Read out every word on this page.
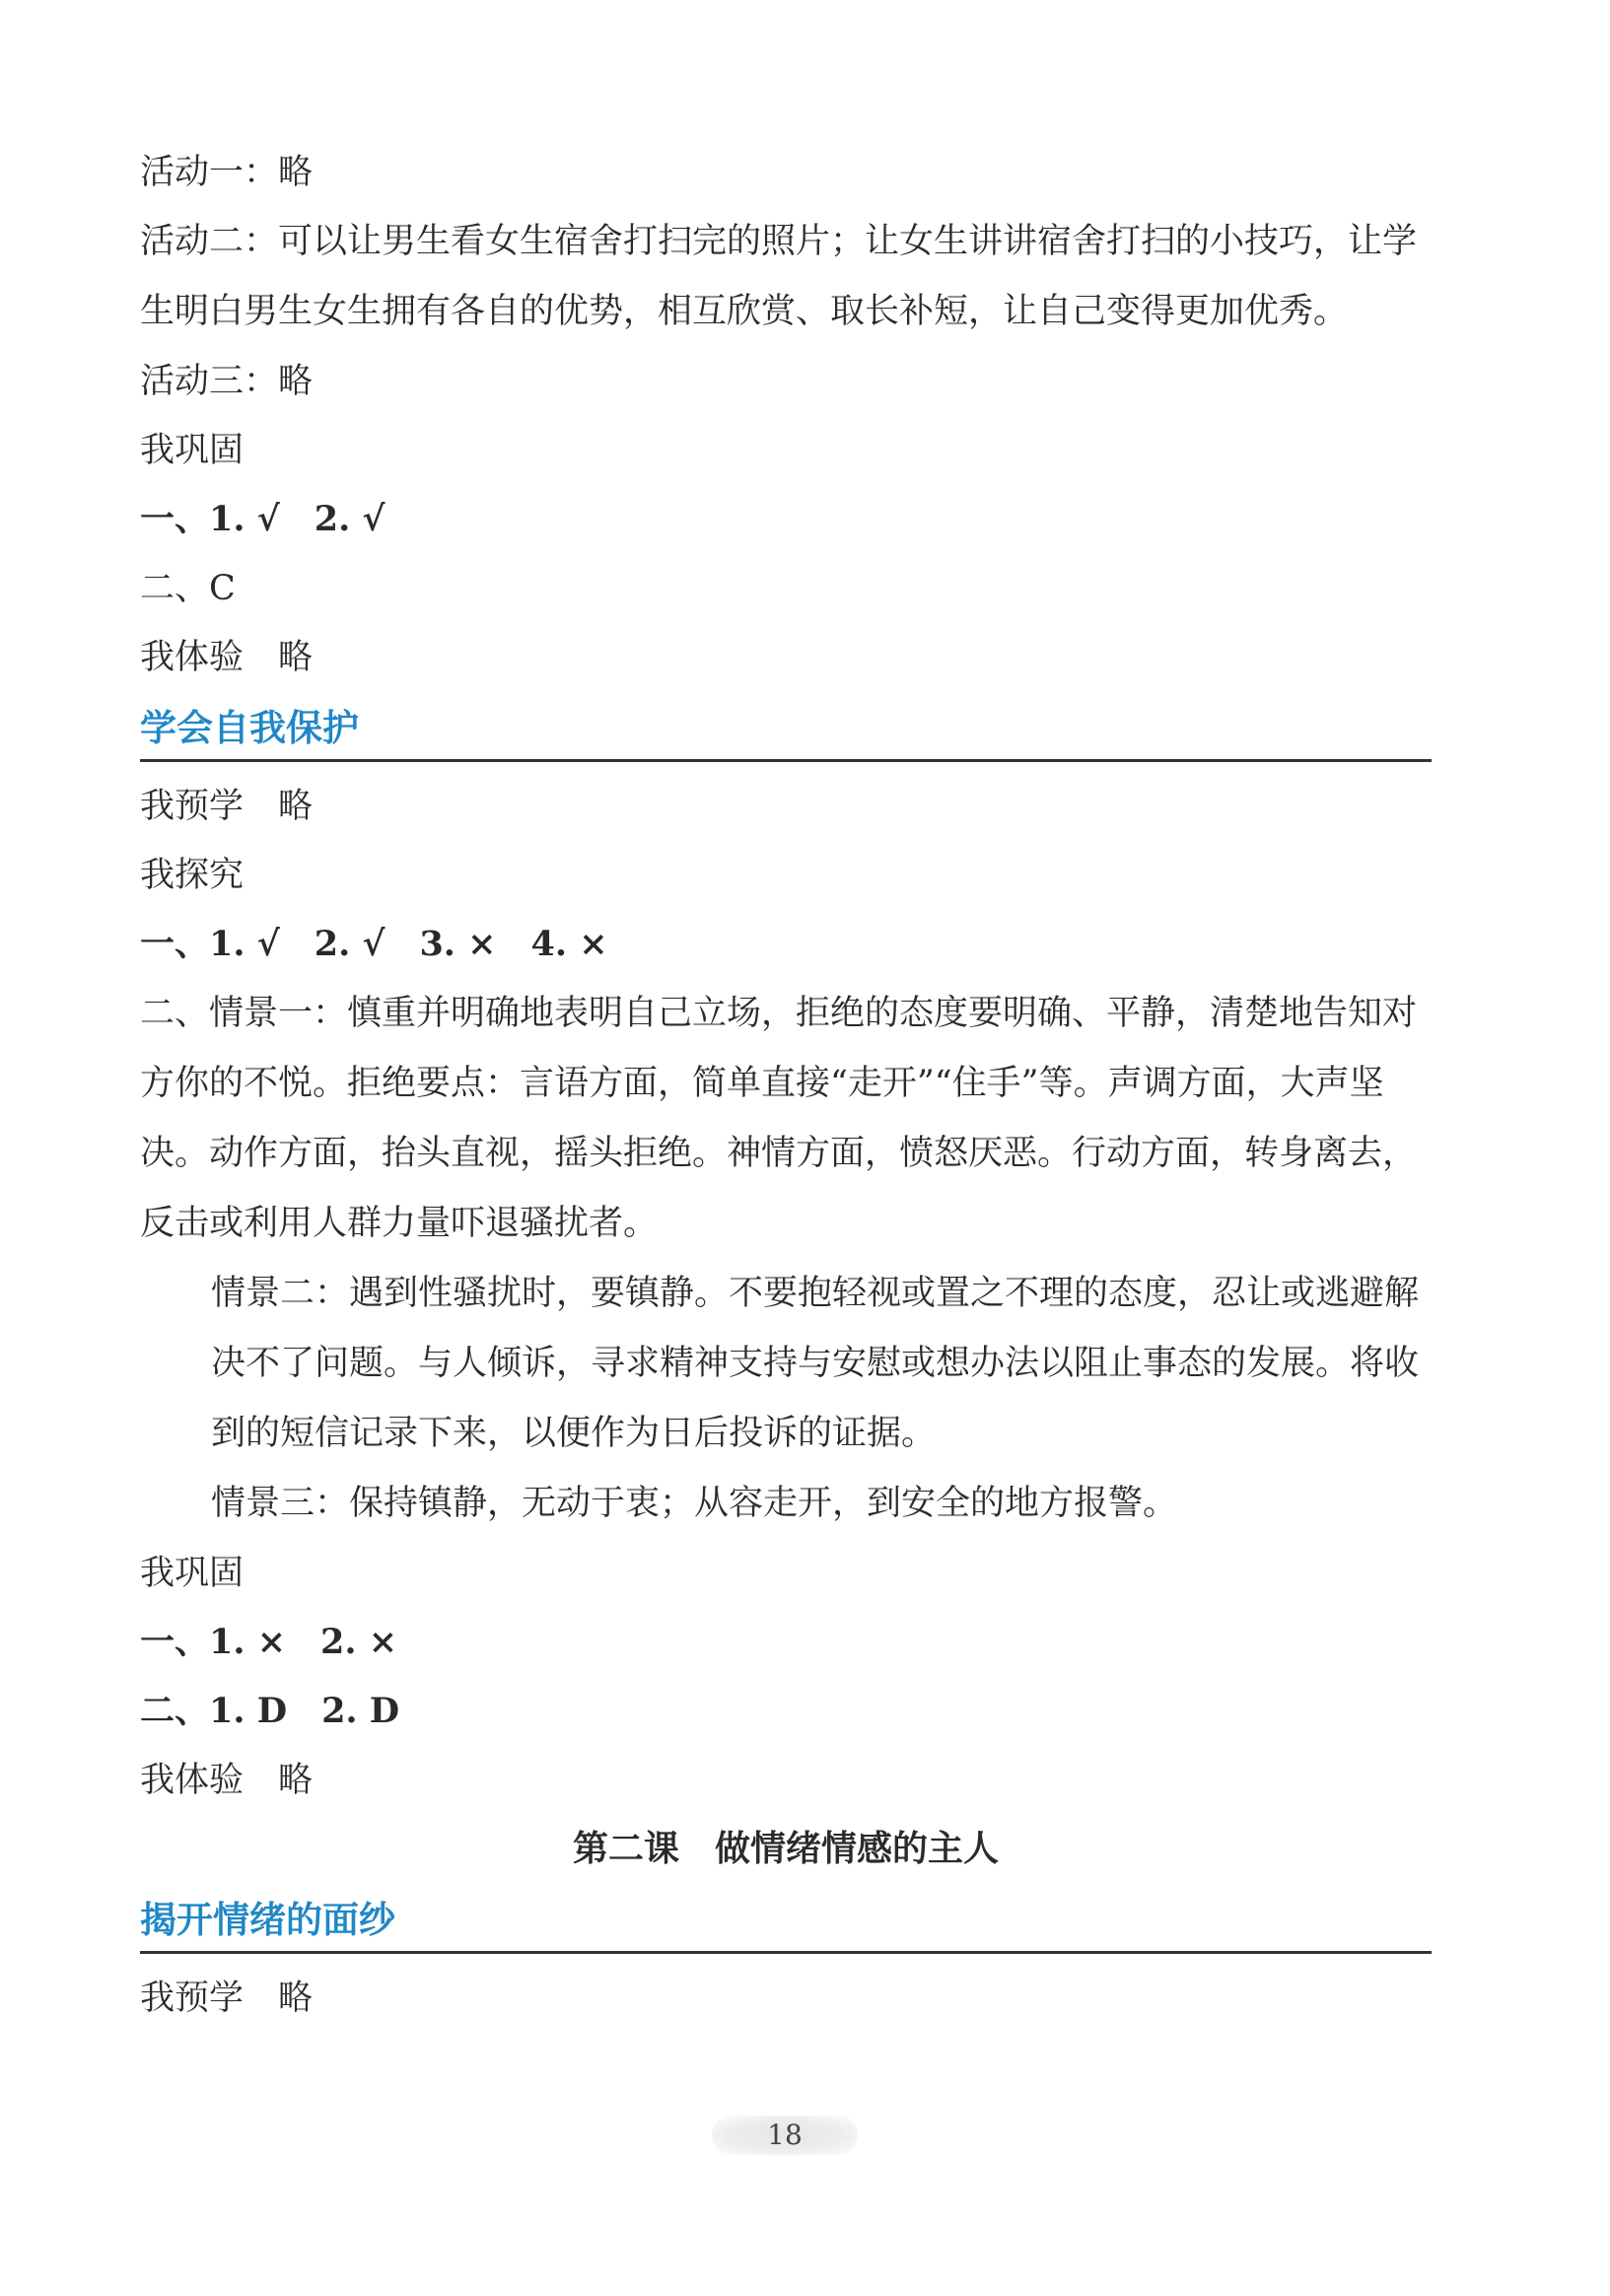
活动一：略
活动二：可以让男生看女生宿舍打扫完的照片；让女生讲讲宿舍打扫的小技巧，让学生明白男生女生拥有各自的优势，相互欣赏、取长补短，让自己变得更加优秀。
活动三：略
我巩固
一、1. √　2. √
二、C
我体验　略
学会自我保护
我预学　略
我探究
一、1. √　2. √　3. ×　4. ×
二、情景一：慎重并明确地表明自己立场，拒绝的态度要明确、平静，清楚地告知对方你的不悦。拒绝要点：言语方面，简单直接“走开”“住手”等。声调方面，大声坚决。动作方面，抬头直视，摇头拒绝。神情方面，愤怒厌恶。行动方面，转身离去，反击或利用人群力量吓退骚扰者。
情景二：遇到性骚扰时，要镇静。不要抱轻视或置之不理的态度，忍让或逃避解决不了问题。与人倾诉，寻求精神支持与安慰或想办法以阻止事态的发展。将收到的短信记录下来，以便作为日后投诉的证据。
情景三：保持镇静，无动于衷；从容走开，到安全的地方报警。
我巩固
一、1. ×　2. ×
二、1. D　2. D
我体验　略
第二课　做情绪情感的主人
揭开情绪的面纱
我预学　略
18
